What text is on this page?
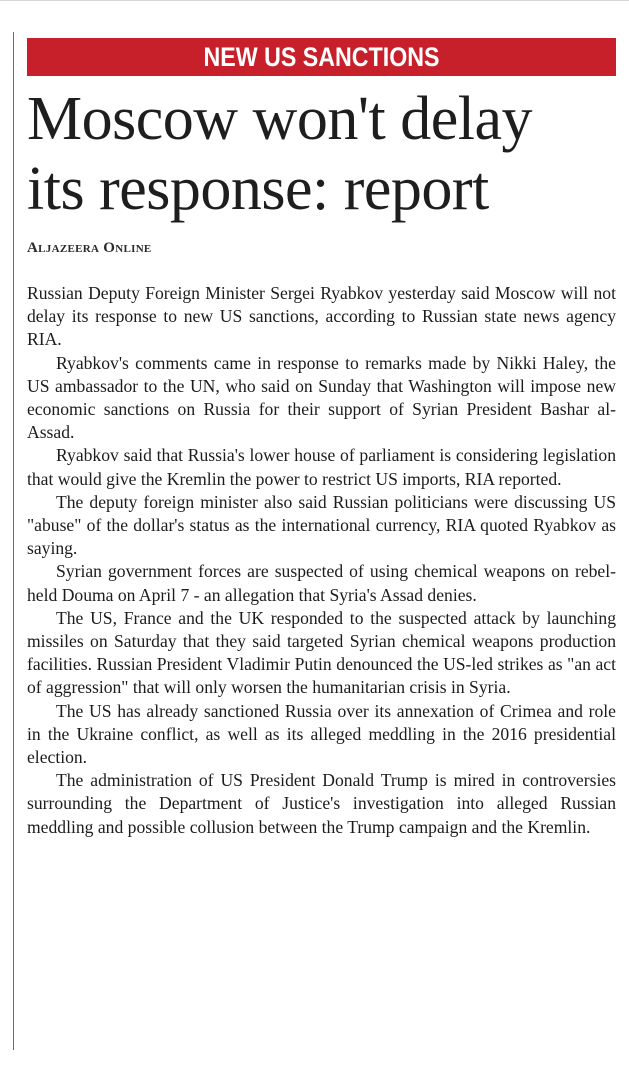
NEW US SANCTIONS
Moscow won't delay
its response: report
Aljazeera Online

Russian Deputy Foreign Minister Sergei Ryabkov yesterday said Moscow will not delay its response to new US sanctions, according to Russian state news agency RIA.

Ryabkov's comments came in response to remarks made by Nikki Haley, the US ambassador to the UN, who said on Sunday that Washington will impose new economic sanctions on Russia for their support of Syrian President Bashar al-Assad.

Ryabkov said that Russia's lower house of parliament is considering legislation that would give the Kremlin the power to restrict US imports, RIA reported.

The deputy foreign minister also said Russian politicians were discussing US "abuse" of the dollar's status as the international currency, RIA quoted Ryabkov as saying.

Syrian government forces are suspected of using chemical weapons on rebel-held Douma on April 7 - an allegation that Syria's Assad denies.

The US, France and the UK responded to the suspected attack by launching missiles on Saturday that they said targeted Syrian chemical weapons production facilities. Russian President Vladimir Putin denounced the US-led strikes as "an act of aggression" that will only worsen the humanitarian crisis in Syria.

The US has already sanctioned Russia over its annexation of Crimea and role in the Ukraine conflict, as well as its alleged meddling in the 2016 presidential election.

The administration of US President Donald Trump is mired in controversies surrounding the Department of Justice's investigation into alleged Russian meddling and possible collusion between the Trump campaign and the Kremlin.
